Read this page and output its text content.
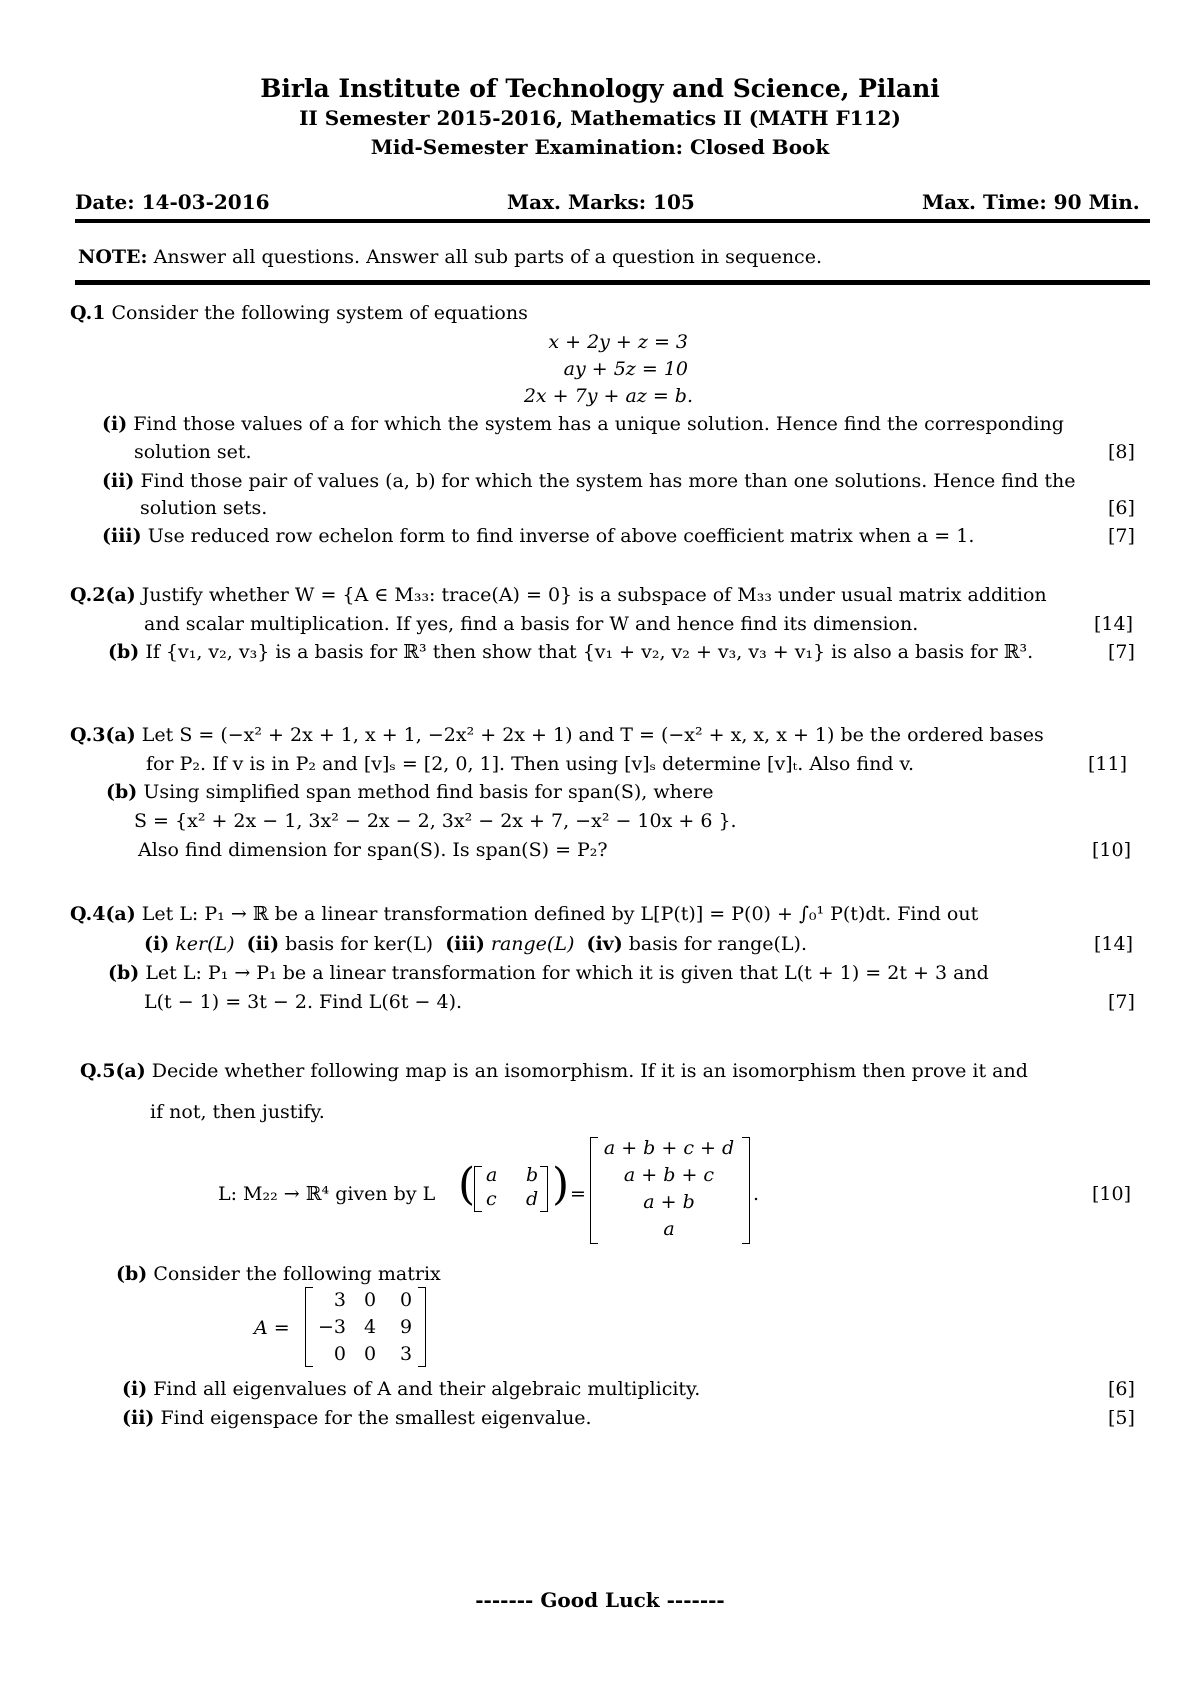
Birla Institute of Technology and Science, Pilani
II Semester 2015-2016, Mathematics II (MATH F112)
Mid-Semester Examination: Closed Book
Date: 14-03-2016	Max. Marks: 105	Max. Time: 90 Min.
NOTE: Answer all questions. Answer all sub parts of a question in sequence.
Q.1 Consider the following system of equations
x + 2y + z = 3
ay + 5z = 10
2x + 7y + az = b.
(i) Find those values of a for which the system has a unique solution. Hence find the corresponding
solution set.	[8]
(ii) Find those pair of values (a, b) for which the system has more than one solutions. Hence find the
solution sets.	[6]
(iii) Use reduced row echelon form to find inverse of above coefficient matrix when a = 1.	[7]
Q.2(a) Justify whether W = {A ∈ M₃₃: trace(A) = 0} is a subspace of M₃₃ under usual matrix addition
and scalar multiplication. If yes, find a basis for W and hence find its dimension.	[14]
(b) If {v₁, v₂, v₃} is a basis for ℝ³ then show that {v₁ + v₂, v₂ + v₃, v₃ + v₁} is also a basis for ℝ³.	[7]
Q.3(a) Let S = (−x² + 2x + 1, x + 1, −2x² + 2x + 1) and T = (−x² + x, x, x + 1) be the ordered bases
for P₂. If v is in P₂ and [v]ₛ = [2, 0, 1]. Then using [v]ₛ determine [v]ₜ. Also find v.	[11]
(b) Using simplified span method find basis for span(S), where
S = {x² + 2x − 1, 3x² − 2x − 2, 3x² − 2x + 7, −x² − 10x + 6 }.
Also find dimension for span(S). Is span(S) = P₂?	[10]
Q.4(a) Let L: P₁ → ℝ be a linear transformation defined by L[P(t)] = P(0) + ∫₀¹ P(t)dt. Find out
(i) ker(L) (ii) basis for ker(L) (iii) range(L) (iv) basis for range(L).	[14]
(b) Let L: P₁ → P₁ be a linear transformation for which it is given that L(t + 1) = 2t + 3 and
L(t − 1) = 3t − 2. Find L(6t − 4).	[7]
Q.5(a) Decide whether following map is an isomorphism. If it is an isomorphism then prove it and
if not, then justify.
L: M₂₂ → ℝ⁴ given by L ( a b
c d ) =
a + b + c + d
a + b + c
a + b
a
.	[10]
(b) Consider the following matrix
A =
3 0 0
−3 4 9
0 0 3
(i) Find all eigenvalues of A and their algebraic multiplicity.	[6]
(ii) Find eigenspace for the smallest eigenvalue.	[5]
------- Good Luck -------
